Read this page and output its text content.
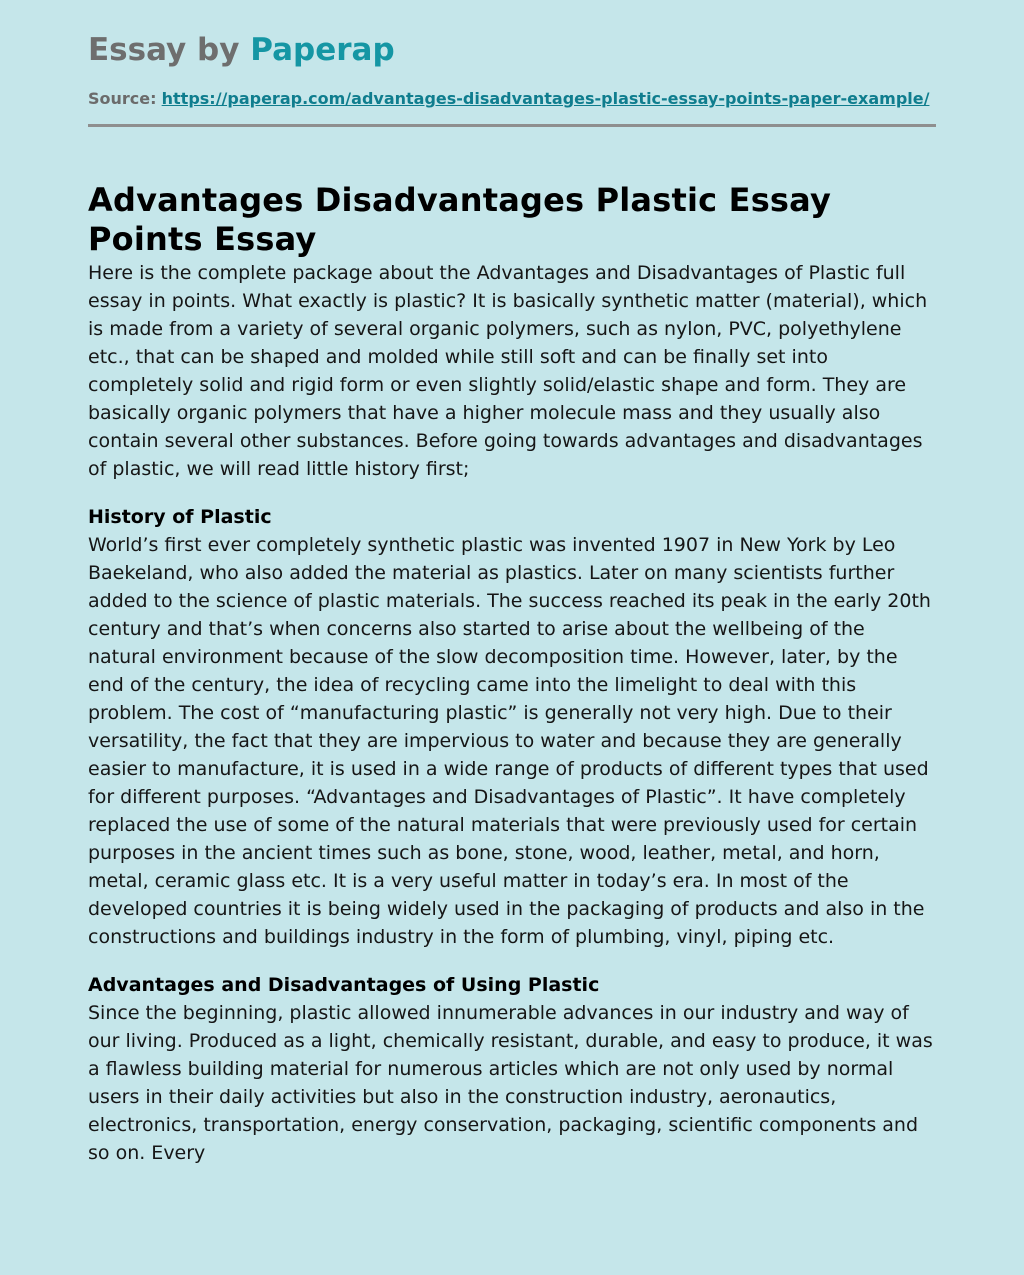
Essay by Paperap
Source: https://paperap.com/advantages-disadvantages-plastic-essay-points-paper-example/
Advantages Disadvantages Plastic Essay Points Essay

Here is the complete package about the Advantages and Disadvantages of Plastic full essay in points. What exactly is plastic? It is basically synthetic matter (material), which is made from a variety of several organic polymers, such as nylon, PVC, polyethylene etc., that can be shaped and molded while still soft and can be finally set into completely solid and rigid form or even slightly solid/elastic shape and form. They are basically organic polymers that have a higher molecule mass and they usually also contain several other substances. Before going towards advantages and disadvantages of plastic, we will read little history first;

History of Plastic

World’s first ever completely synthetic plastic was invented 1907 in New York by Leo Baekeland, who also added the material as plastics. Later on many scientists further added to the science of plastic materials. The success reached its peak in the early 20th century and that’s when concerns also started to arise about the wellbeing of the natural environment because of the slow decomposition time. However, later, by the end of the century, the idea of recycling came into the limelight to deal with this problem. The cost of “manufacturing plastic” is generally not very high. Due to their versatility, the fact that they are impervious to water and because they are generally easier to manufacture, it is used in a wide range of products of different types that used for different purposes. “Advantages and Disadvantages of Plastic”. It have completely replaced the use of some of the natural materials that were previously used for certain purposes in the ancient times such as bone, stone, wood, leather, metal, and horn, metal, ceramic glass etc. It is a very useful matter in today’s era. In most of the developed countries it is being widely used in the packaging of products and also in the constructions and buildings industry in the form of plumbing, vinyl, piping etc.

Advantages and Disadvantages of Using Plastic

Since the beginning, plastic allowed innumerable advances in our industry and way of our living. Produced as a light, chemically resistant, durable, and easy to produce, it was a flawless building material for numerous articles which are not only used by normal users in their daily activities but also in the construction industry, aeronautics, electronics, transportation, energy conservation, packaging, scientific components and so on. Every
